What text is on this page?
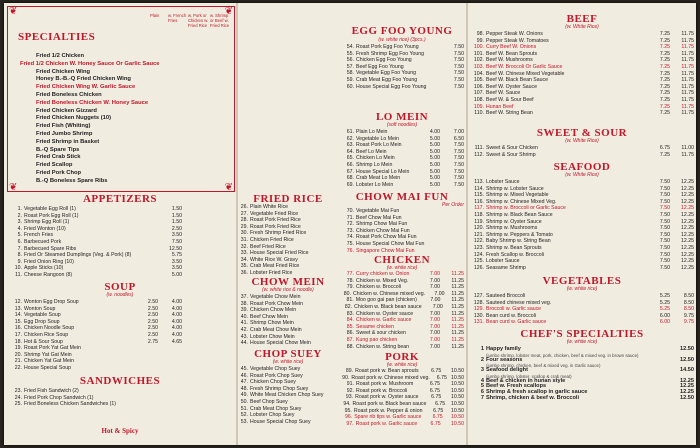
❦	❦
❦	❦
SPECIALTIES
Plain	w. French Fries
w. Pork or Chicken w. Fried Rice
w. Shrimp or Beef w. Fried Rice
Fried 1/2 Chicken
Fried 1/2 Chicken W. Honey Sauce Or Garlic Sauce
Fried Chicken Wing
Honey B.-B.-Q Fried Chicken Wing
Fried Chicken Wing W. Garlic Sauce
Fried Boneless Chicken
Fried Boneless Chicken W. Honey Sauce
Fried Chicken Gizzard
Fried Chicken Nuggets (10)
Fried Fish (Whiting)
Fried Jumbo Shrimp
Fried Shrimp in Basket
B.-Q Spare Tips
Fried Crab Stick
Fried Scallop
Fried Pork Chop
B.-Q Boneless Spare Ribs
APPETIZERS
1. Vegetable Egg Roll (1)	1.50
2. Roast Pork Egg Roll (1)	1.50
3. Shrimp Egg Roll (1)	1.50
4. Fried Wonton (10)	2.50
5. French Fries	3.50
6. Barbecued Pork	7.50
7. Barbecued Spare Ribs	12.50
8. Fried Or Steamed Dumplings (Veg. & Pork) (8)	5.75
9. Fried Onion Ring (10)	3.50
10. Apple Sticks (10)	3.50
11. Cheese Rangoon (8)	5.00
SOUP
(w. noodles)
12. Wonton Egg Drop Soup	2.50	4.00
13. Wonton Soup	2.50	4.00
14. Vegetable Soup	2.50	4.00
15. Egg Drop Soup	2.50	4.00
16. Chicken Noodle Soup	2.50	4.00
17. Chicken Rice Soup	2.50	4.00
18. Hot & Sour Soup	2.75	4.65
19. Roast Pork Yat Gat Mein
20. Shrimp Yat Gat Mein
21. Chicken Yat Gat Mein
22. House Special Soup
SANDWICHES
23. Fried Fish Sandwich (2)
24. Fried Pork Chop Sandwich (1)
25. Fried Boneless Chicken Sandwiches (1)
Hot & Spicy
FRIED RICE
26. Plain White Rice
27. Vegetable Fried Rice
28. Roast Pork Fried Rice
29. Roast Pork Fried Rice
30. Fresh Shrimp Fried Rice
31. Chicken Fried Rice
32. Beef Fried Rice
33. House Special Fried Rice
34. White Rice W. Gravy
35. Crab Meat Fried Rice
36. Lobster Fried Rice
CHOW MEIN
(w. white rice & noodle)
37. Vegetable Chow Mein
38. Roast Pork Chow Mein
39. Chicken Chow Mein
40. Beef Chow Mein
41. Shrimp Chow Mein
42. Crab Meat Chow Mein
43. Lobster Chow Mein
44. House Special Chow Mein
CHOP SUEY
(w. white rice)
45. Vegetable Chop Suey
46. Roast Pork Chop Suey
47. Chicken Chop Suey
48. Fresh Shrimp Chop Suey
49. White Meat Chicken Chop Suey
50. Beef Chop Suey
51. Crab Meat Chop Suey
52. Lobster Chop Suey
53. House Special Chop Suey
EGG FOO YOUNG
(w. white rice) (3pcs.)
54. Roast Pork Egg Foo Young	7.50
55. Fresh Shrimp Egg Foo Young	7.50
56. Chicken Egg Foo Young	7.50
57. Beef Egg Foo Young	7.50
58. Vegetable Egg Foo Young	7.50
59. Crab Meat Egg Foo Young	7.50
60. House Special Egg Foo Young	7.50
LO MEIN
(soft noodles)
61. Plain Lo Mein	4.00	7.00
62. Vegetable Lo Mein	5.00	6.50
63. Roast Pork Lo Mein	5.00	7.50
64. Beef Lo Mein	5.00	7.50
65. Chicken Lo Mein	5.00	7.50
66. Shrimp Lo Mein	5.00	7.50
67. House Special Lo Mein	5.00	7.50
68. Crab Meat Lo Mein	5.00	7.50
69. Lobster Lo Mein	5.00	7.50
CHOW MAI FUN
Per Order
70. Vegetable Mai Fun
71. Beef Chow Mai Fun
72. Shrimp Chow Mai Fun
73. Chicken Chow Mai Fun
74. Roast Pork Chow Mai Fun
75. House Special Chow Mai Fun
76. Singapore Chow Mai Fun
CHICKEN
(w. white rice)
77. Curry chicken w. Onion	7.00	11.25
78. Chicken w. Mixed Veg.	7.00	11.25
79. Chicken w. Broccoli	7.00	11.25
80. Chicken w. Chinese mixed veg.	7.00	11.25
81. Moo goo gai pan (chicken)	7.00	11.25
82. Chicken w. Black bean sauce	7.00	11.25
83. Chicken w. Oyster sauce	7.00	11.25
84. Chicken w. Garlic sauce	7.00	11.25
85. Sesame chicken	7.00	11.25
86. Sweet & sour chicken	7.00	11.25
87. Kung pao chicken	7.00	11.25
88. Chicken w. String bean	7.00	11.25
PORK
(w. white rice)
89. Roast pork w. Bean sprouts	6.75	10.50
90. Roast pork w. Chinese mixed veg.	6.75 10.50
91. Roast pork w. Mushroom	6.75	10.50
92. Roast pork w. Broccoli	6.75	10.50
93. Roast pork w. Oyster sauce	6.75	10.50
94. Roast pork w. Black bean sauce	6.75	10.50
95. Roast pork w. Pepper & onion	6.75	10.50
96. Spare rib tips w. Garlic sauce	6.75	10.50
97. Roast pork w. Garlic sauce	6.75	10.50
BEEF
(w. White Rice)
98. Pepper Steak W. Onions	7.25	11.75
99. Pepper Steak W. Tomatoes	7.25	11.75
100. Curry Beef W. Onions	7.25	11.75
101. Beef W. Bean Sprouts	7.25	11.75
102. Beef W. Mushrooms	7.25	11.75
103. Beef W. Broccoli Or Garlic Sauce	7.25	11.75
104. Beef W. Chinese Mixed Vegetable	7.25	11.75
105. Beef W. Black Bean Sauce	7.25	11.75
106. Beef W. Oyster Sauce	7.25	11.75
107. Beef W. Sauce	7.25	11.75
108. Beef W. & Sour Beef	7.25	11.75
109. Hunan Beef	7.25	11.75
110. Beef W. String Bean	7.25	11.75
SWEET & SOUR
(w. White Rice)
111. Sweet & Sour Chicken	6.75	11.00
112. Sweet & Sour Shrimp	7.25	11.75
SEAFOOD
(w. White Rice)
113. Lobster Sauce	7.50	12.25
114. Shrimp w. Lobster Sauce	7.50	12.25
115. Shrimp w. Mixed Vegetable	7.50	12.25
116. Shrimp w. Chinese Mixed Veg.	7.50	12.25
117. Shrimp w. Broccoli or Garlic Sauce	7.50	12.25
118. Shrimp w. Black Bean Sauce	7.50	12.25
119. Shrimp w. Oyster Sauce	7.50	12.25
120. Shrimp w. Mushrooms	7.50	12.25
121. Shrimp w. Peppers & Tomato	7.50	12.25
122. Baby Shrimp w. String Bean	7.50	12.25
123. Shrimp w. Bean Sprouts	7.50	12.25
124. Fresh Scallop w. Broccoli	7.50	12.25
125. Lobster Sauce	7.50	12.25
126. Seasame Shrimp	7.50	12.25
VEGETABLES
(w. white rice)
127. Sauteed Broccoli	5.25	8.50
128. Sauteed chinese mixed veg.	5.25	8.50
129. Broccoli w. Garlic sauce	5.25	8.50
130. Bean curd w. Broccoli	6.00	9.75
131. Bean curd w. Garlic sauce	6.00	9.75
CHEF'S SPECIALTIES
(w. white rice)
1 Happy family	12.50
(jumbo shrimp, lobster meat, pork, chicken, beef & mixed veg. in brown sauce)
2 Four seasons	12.50
(jumbo shrimp, chicken, beef & mixed veg. in Garlic sauce)
3 Seafood delight	14.50
(jumbo shrimp, lobster, scallop & crab meat)
4 Beef & chicken in hunan style	12.25
5 Beef w. Fresh scallops	12.25
6 Shrimp & fresh scallop in garlic sauce	12.25
7 Shrimp, chicken & beef w. Broccoli	12.50
